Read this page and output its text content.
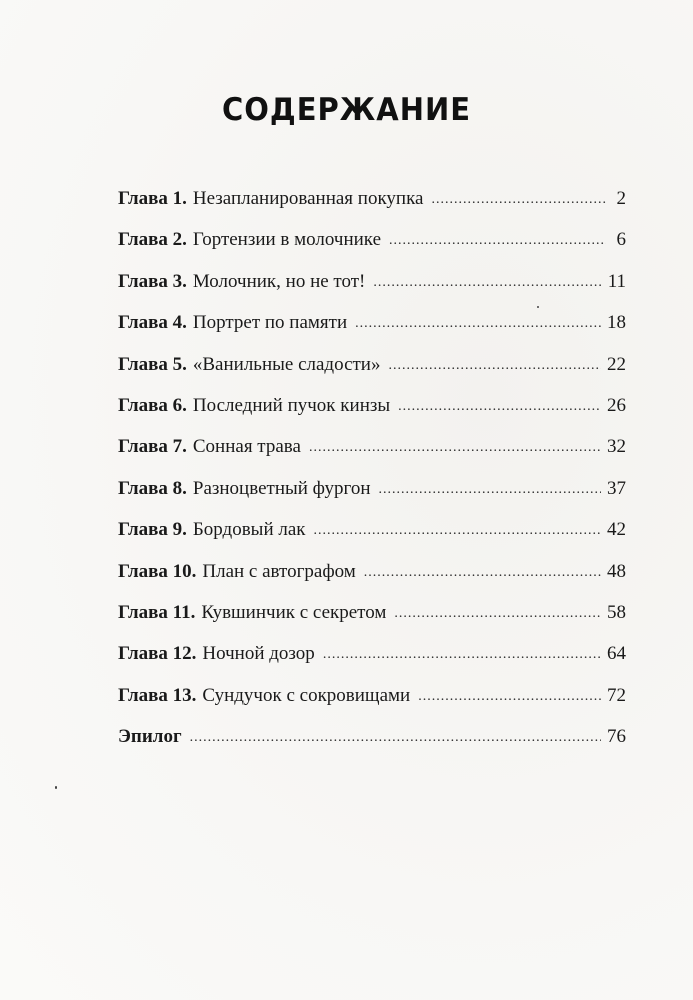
СОДЕРЖАНИЕ
Глава 1. Незапланированная покупка .....	2
Глава 2. Гортензии в молочнике .....	6
Глава 3. Молочник, но не тот! .....	11
Глава 4. Портрет по памяти .....	18
Глава 5. «Ванильные сладости» .....	22
Глава 6. Последний пучок кинзы .....	26
Глава 7. Сонная трава .....	32
Глава 8. Разноцветный фургон .....	37
Глава 9. Бордовый лак .....	42
Глава 10. План с автографом .....	48
Глава 11. Кувшинчик с секретом .....	58
Глава 12. Ночной дозор .....	64
Глава 13. Сундучок с сокровищами .....	72
Эпилог .....	76
